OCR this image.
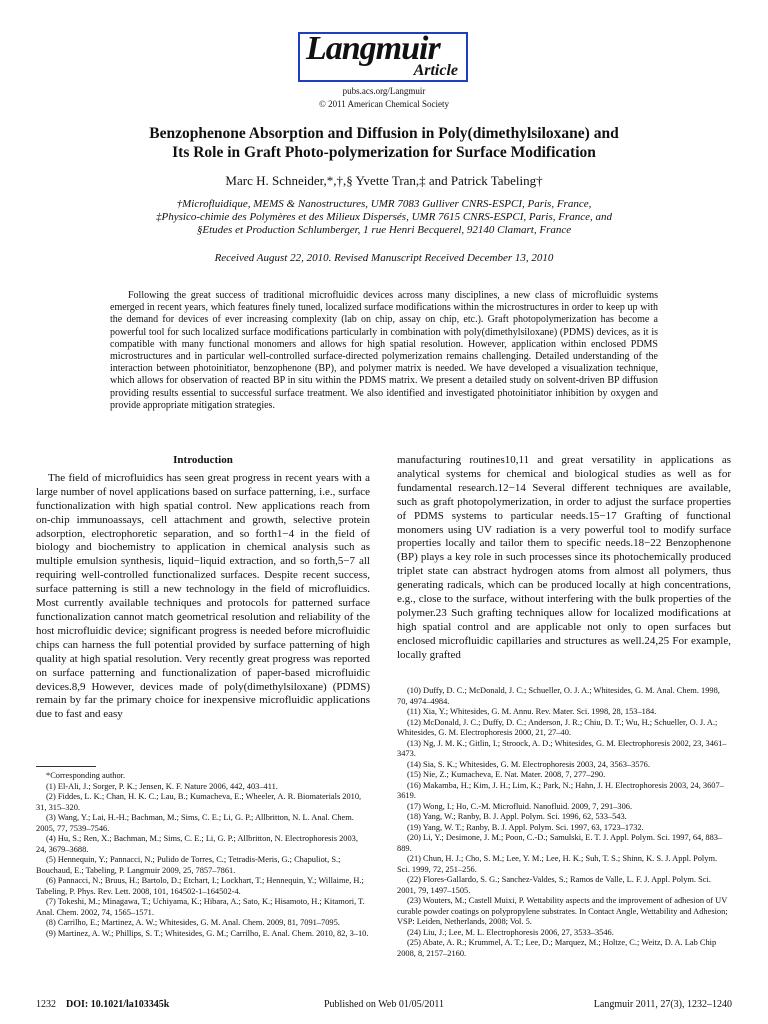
Langmuir
Article
pubs.acs.org/Langmuir
© 2011 American Chemical Society
Benzophenone Absorption and Diffusion in Poly(dimethylsiloxane) and
Its Role in Graft Photo-polymerization for Surface Modification
Marc H. Schneider,*,†,§ Yvette Tran,‡ and Patrick Tabeling†
†Microfluidique, MEMS & Nanostructures, UMR 7083 Gulliver CNRS-ESPCI, Paris, France,
‡Physico-chimie des Polymères et des Milieux Dispersés, UMR 7615 CNRS-ESPCI, Paris, France, and
§Etudes et Production Schlumberger, 1 rue Henri Becquerel, 92140 Clamart, France
Received August 22, 2010. Revised Manuscript Received December 13, 2010
Following the great success of traditional microfluidic devices across many disciplines, a new class of microfluidic systems emerged in recent years, which features finely tuned, localized surface modifications within the microstructures in order to keep up with the demand for devices of ever increasing complexity (lab on chip, assay on chip, etc.). Graft photopolymerization has become a powerful tool for such localized surface modifications particularly in combination with poly(dimethylsiloxane) (PDMS) devices, as it is compatible with many functional monomers and allows for high spatial resolution. However, application within enclosed PDMS microstructures and in particular well-controlled surface-directed polymerization remains challenging. Detailed understanding of the interaction between photoinitiator, benzophenone (BP), and polymer matrix is needed. We have developed a visualization technique, which allows for observation of reacted BP in situ within the PDMS matrix. We present a detailed study on solvent-driven BP diffusion providing results essential to successful surface treatment. We also identified and investigated photoinitiator inhibition by oxygen and provide appropriate mitigation strategies.
Introduction

The field of microfluidics has seen great progress in recent years with a large number of novel applications based on surface patterning, i.e., surface functionalization with high spatial control. New applications reach from on-chip immunoassays, cell attachment and growth, selective protein adsorption, electrophoretic separation, and so forth1−4 in the field of biology and biochemistry to application in chemical analysis such as multiple emulsion synthesis, liquid−liquid extraction, and so forth,5−7 all requiring well-controlled functionalized surfaces. Despite recent success, surface patterning is still a new technology in the field of microfluidics. Most currently available techniques and protocols for patterned surface functionalization cannot match geometrical resolution and reliability of the host microfluidic device; significant progress is needed before microfluidic chips can harness the full potential provided by surface patterning of high quality at high spatial resolution. Very recently great progress was reported on surface patterning and functionalization of paper-based microfluidic devices.8,9 However, devices made of poly(dimethylsiloxane) (PDMS) remain by far the primary choice for inexpensive microfluidic applications due to fast and easy

manufacturing routines10,11 and great versatility in applications as analytical systems for chemical and biological studies as well as for fundamental research.12−14 Several different techniques are available, such as graft photopolymerization, in order to adjust the surface properties of PDMS systems to particular needs.15−17 Grafting of functional monomers using UV radiation is a very powerful tool to modify surface properties locally and tailor them to specific needs.18−22 Benzophenone (BP) plays a key role in such processes since its photochemically produced triplet state can abstract hydrogen atoms from almost all polymers, thus generating radicals, which can be produced locally at high concentrations, e.g., close to the surface, without interfering with the bulk properties of the polymer.23 Such grafting techniques allow for localized modifications at high spatial control and are applicable not only to open surfaces but enclosed microfluidic capillaries and structures as well.24,25 For example, locally grafted

*Corresponding author.

(1) El-Ali, J.; Sorger, P. K.; Jensen, K. F. Nature 2006, 442, 403–411.

(2) Fiddes, L. K.; Chan, H. K. C.; Lau, B.; Kumacheva, E.; Wheeler, A. R. Biomaterials 2010, 31, 315–320.

(3) Wang, Y.; Lai, H.-H.; Bachman, M.; Sims, C. E.; Li, G. P.; Allbritton, N. L. Anal. Chem. 2005, 77, 7539–7546.

(4) Hu, S.; Ren, X.; Bachman, M.; Sims, C. E.; Li, G. P.; Allbritton, N. Electrophoresis 2003, 24, 3679–3688.

(5) Hennequin, Y.; Pannacci, N.; Pulido de Torres, C.; Tetradis-Meris, G.; Chapuliot, S.; Bouchaud, E.; Tabeling, P. Langmuir 2009, 25, 7857–7861.

(6) Pannacci, N.; Bruus, H.; Bartolo, D.; Etchart, I.; Lockhart, T.; Hennequin, Y.; Willaime, H.; Tabeling, P. Phys. Rev. Lett. 2008, 101, 164502-1–164502-4.

(7) Tokeshi, M.; Minagawa, T.; Uchiyama, K.; Hibara, A.; Sato, K.; Hisamoto, H.; Kitamori, T. Anal. Chem. 2002, 74, 1565–1571.

(8) Carrilho, E.; Martinez, A. W.; Whitesides, G. M. Anal. Chem. 2009, 81, 7091–7095.

(9) Martinez, A. W.; Phillips, S. T.; Whitesides, G. M.; Carrilho, E. Anal. Chem. 2010, 82, 3–10.

(10) Duffy, D. C.; McDonald, J. C.; Schueller, O. J. A.; Whitesides, G. M. Anal. Chem. 1998, 70, 4974–4984.

(11) Xia, Y.; Whitesides, G. M. Annu. Rev. Mater. Sci. 1998, 28, 153–184.

(12) McDonald, J. C.; Duffy, D. C.; Anderson, J. R.; Chiu, D. T.; Wu, H.; Schueller, O. J. A.; Whitesides, G. M. Electrophoresis 2000, 21, 27–40.

(13) Ng, J. M. K.; Gitlin, I.; Stroock, A. D.; Whitesides, G. M. Electrophoresis 2002, 23, 3461–3473.

(14) Sia, S. K.; Whitesides, G. M. Electrophoresis 2003, 24, 3563–3576.

(15) Nie, Z.; Kumacheva, E. Nat. Mater. 2008, 7, 277–290.

(16) Makamba, H.; Kim, J. H.; Lim, K.; Park, N.; Hahn, J. H. Electrophoresis 2003, 24, 3607–3619.

(17) Wong, I.; Ho, C.-M. Microfluid. Nanofluid. 2009, 7, 291–306.

(18) Yang, W.; Ranby, B. J. Appl. Polym. Sci. 1996, 62, 533–543.

(19) Yang, W. T.; Ranby, B. J. Appl. Polym. Sci. 1997, 63, 1723–1732.

(20) Li, Y.; Desimone, J. M.; Poon, C.-D.; Samulski, E. T. J. Appl. Polym. Sci. 1997, 64, 883–889.

(21) Chun, H. J.; Cho, S. M.; Lee, Y. M.; Lee, H. K.; Suh, T. S.; Shinn, K. S. J. Appl. Polym. Sci. 1999, 72, 251–256.

(22) Flores-Gallardo, S. G.; Sanchez-Valdes, S.; Ramos de Valle, L. F. J. Appl. Polym. Sci. 2001, 79, 1497–1505.

(23) Wouters, M.; Castell Muixi, P. Wettability aspects and the improvement of adhesion of UV curable powder coatings on polypropylene substrates. In Contact Angle, Wettability and Adhesion; VSP: Leiden, Netherlands, 2008; Vol. 5.

(24) Liu, J.; Lee, M. L. Electrophoresis 2006, 27, 3533–3546.

(25) Abate, A. R.; Krummel, A. T.; Lee, D.; Marquez, M.; Holtze, C.; Weitz, D. A. Lab Chip 2008, 8, 2157–2160.

1232 DOI: 10.1021/la103345k	Published on Web 01/05/2011	Langmuir 2011, 27(3), 1232–1240
